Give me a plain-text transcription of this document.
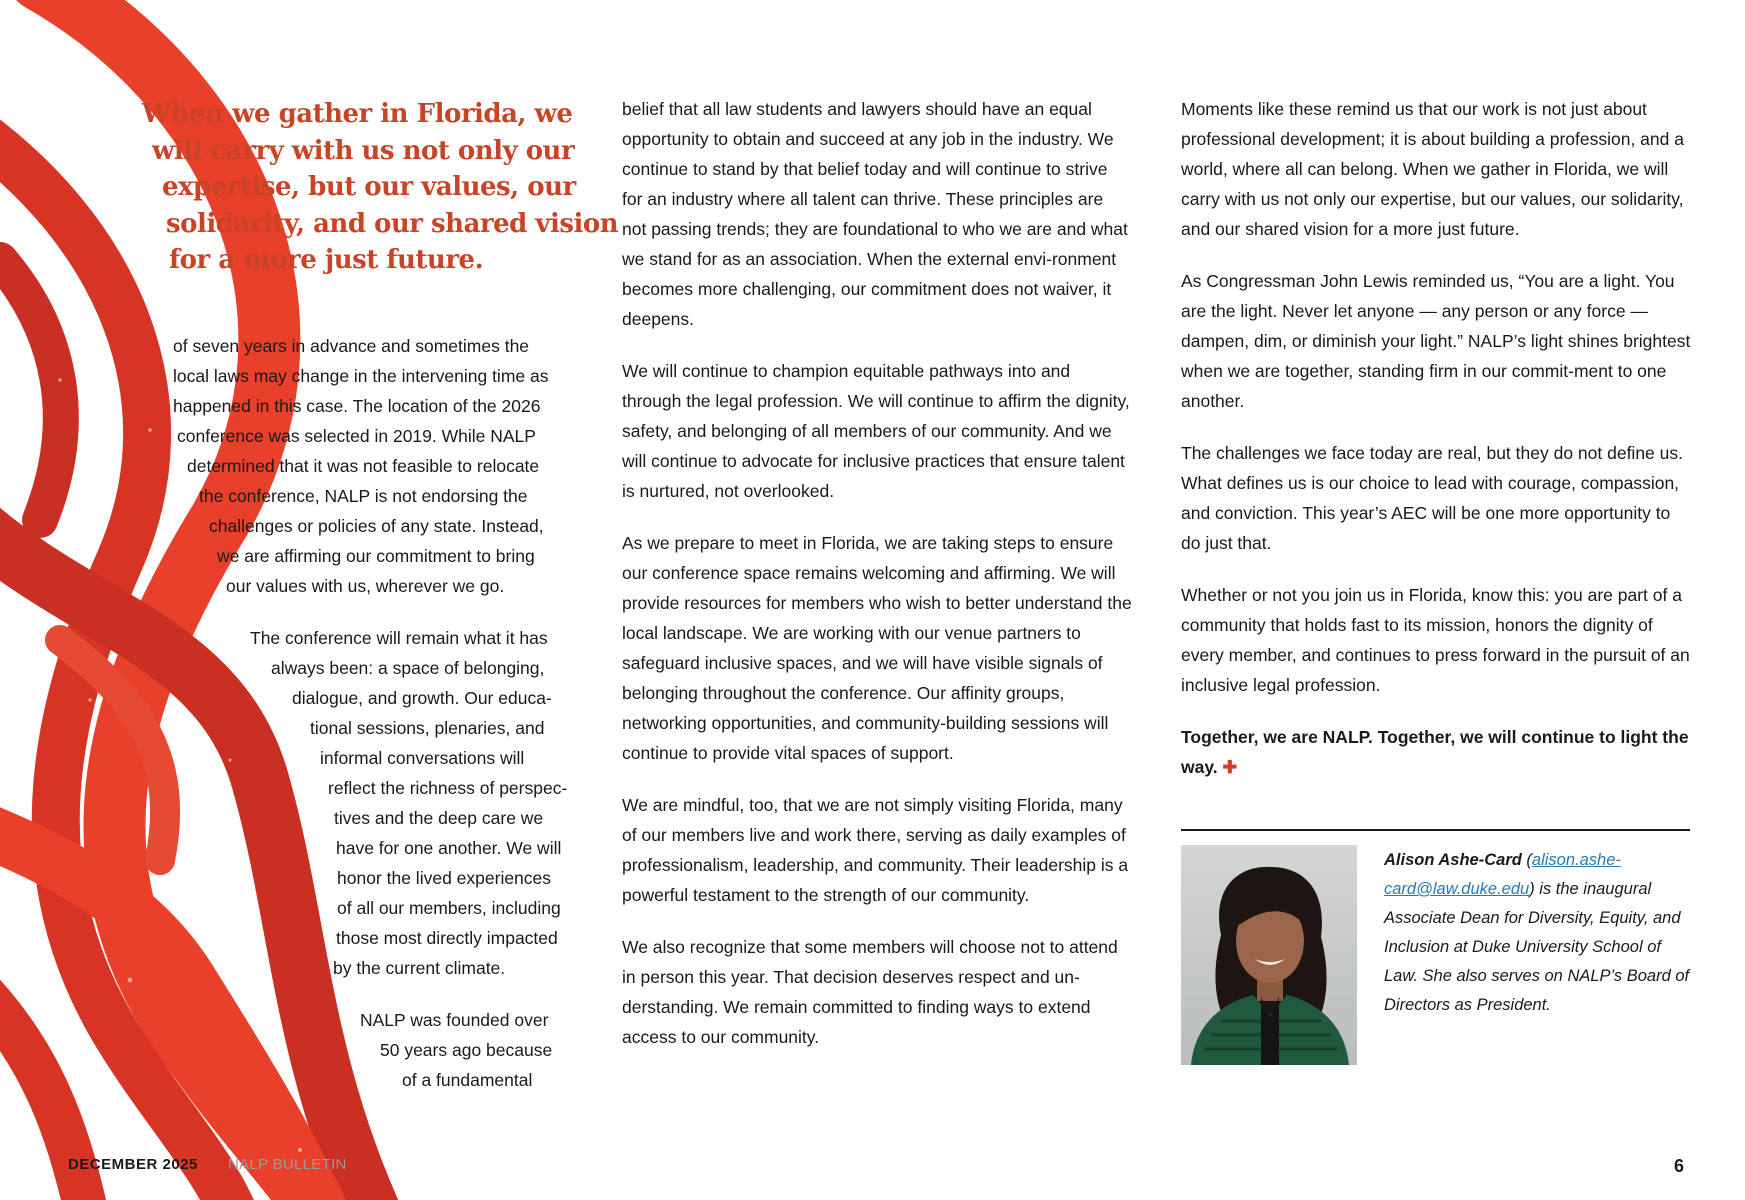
When we gather in Florida, we
will carry with us not only our
expertise, but our values, our
solidarity, and our shared vision
for a more just future.
of seven years in advance and sometimes the
local laws may change in the intervening time as
happened in this case. The location of the 2026
conference was selected in 2019. While NALP
determined that it was not feasible to relocate
the conference, NALP is not endorsing the
challenges or policies of any state. Instead,
we are affirming our commitment to bring
our values with us, wherever we go.
The conference will remain what it has
always been: a space of belonging,
dialogue, and growth. Our educa-
tional sessions, plenaries, and
informal conversations will
reflect the richness of perspec-
tives and the deep care we
have for one another. We will
honor the lived experiences
of all our members, including
those most directly impacted
by the current climate.
NALP was founded over
50 years ago because
of a fundamental

belief that all law students and lawyers should have an equal opportunity to obtain and succeed at any job in the industry. We continue to stand by that belief today and will continue to strive for an industry where all talent can thrive. These principles are not passing trends; they are foundational to who we are and what we stand for as an association. When the external envi-ronment becomes more challenging, our commitment does not waiver, it deepens.

We will continue to champion equitable pathways into and through the legal profession. We will continue to affirm the dignity, safety, and belonging of all members of our community. And we will continue to advocate for inclusive practices that ensure talent is nurtured, not overlooked.

As we prepare to meet in Florida, we are taking steps to ensure our conference space remains welcoming and affirming. We will provide resources for members who wish to better understand the local landscape. We are working with our venue partners to safeguard inclusive spaces, and we will have visible signals of belonging throughout the conference. Our affinity groups, networking opportunities, and community-building sessions will continue to provide vital spaces of support.

We are mindful, too, that we are not simply visiting Florida, many of our members live and work there, serving as daily examples of professionalism, leadership, and community. Their leadership is a powerful testament to the strength of our community.

We also recognize that some members will choose not to attend in person this year. That decision deserves respect and un-derstanding. We remain committed to finding ways to extend access to our community.

Moments like these remind us that our work is not just about professional development; it is about building a profession, and a world, where all can belong. When we gather in Florida, we will carry with us not only our expertise, but our values, our solidarity, and our shared vision for a more just future.

As Congressman John Lewis reminded us, “You are a light. You are the light. Never let anyone — any person or any force — dampen, dim, or diminish your light.” NALP’s light shines brightest when we are together, standing firm in our commit-ment to one another.

The challenges we face today are real, but they do not define us. What defines us is our choice to lead with courage, compassion, and conviction. This year’s AEC will be one more opportunity to do just that.

Whether or not you join us in Florida, know this: you are part of a community that holds fast to its mission, honors the dignity of every member, and continues to press forward in the pursuit of an inclusive legal profession.

Together, we are NALP. Together, we will continue to light the way. ✚

Alison Ashe-Card (alison.ashe-card@law.duke.edu) is the inaugural Associate Dean for Diversity, Equity, and Inclusion at Duke University School of Law. She also serves on NALP’s Board of Directors as President.
DECEMBER 2025 NALP BULLETIN	6
